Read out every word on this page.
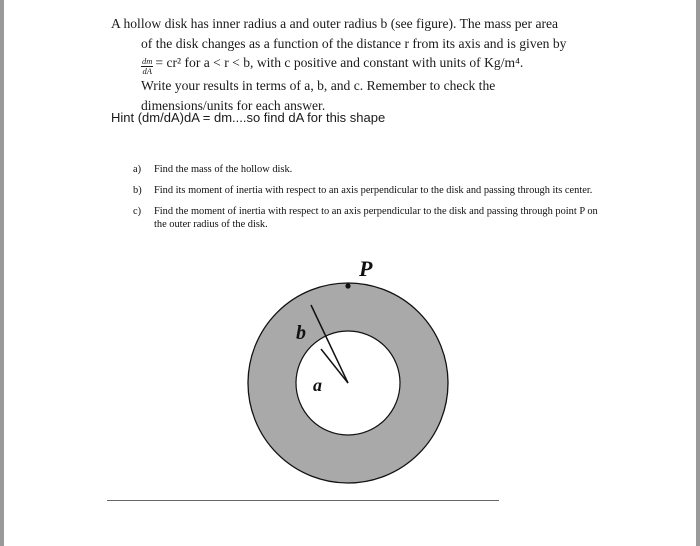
A hollow disk has inner radius a and outer radius b (see figure). The mass per area
of the disk changes as a function of the distance r from its axis and is given by
$\frac{dm}{dA} = cr^2$ for a < r < b, with c positive and constant with units of Kg/m⁴.
Write your results in terms of a, b, and c. Remember to check the
dimensions/units for each answer.
Hint (dm/dA)dA = dm....so find dA for this shape
a) Find the mass of the hollow disk.
b) Find its moment of inertia with respect to an axis perpendicular to the disk and passing through its center.
c) Find the moment of inertia with respect to an axis perpendicular to the disk and passing through point P on the outer radius of the disk.
P
b
a
